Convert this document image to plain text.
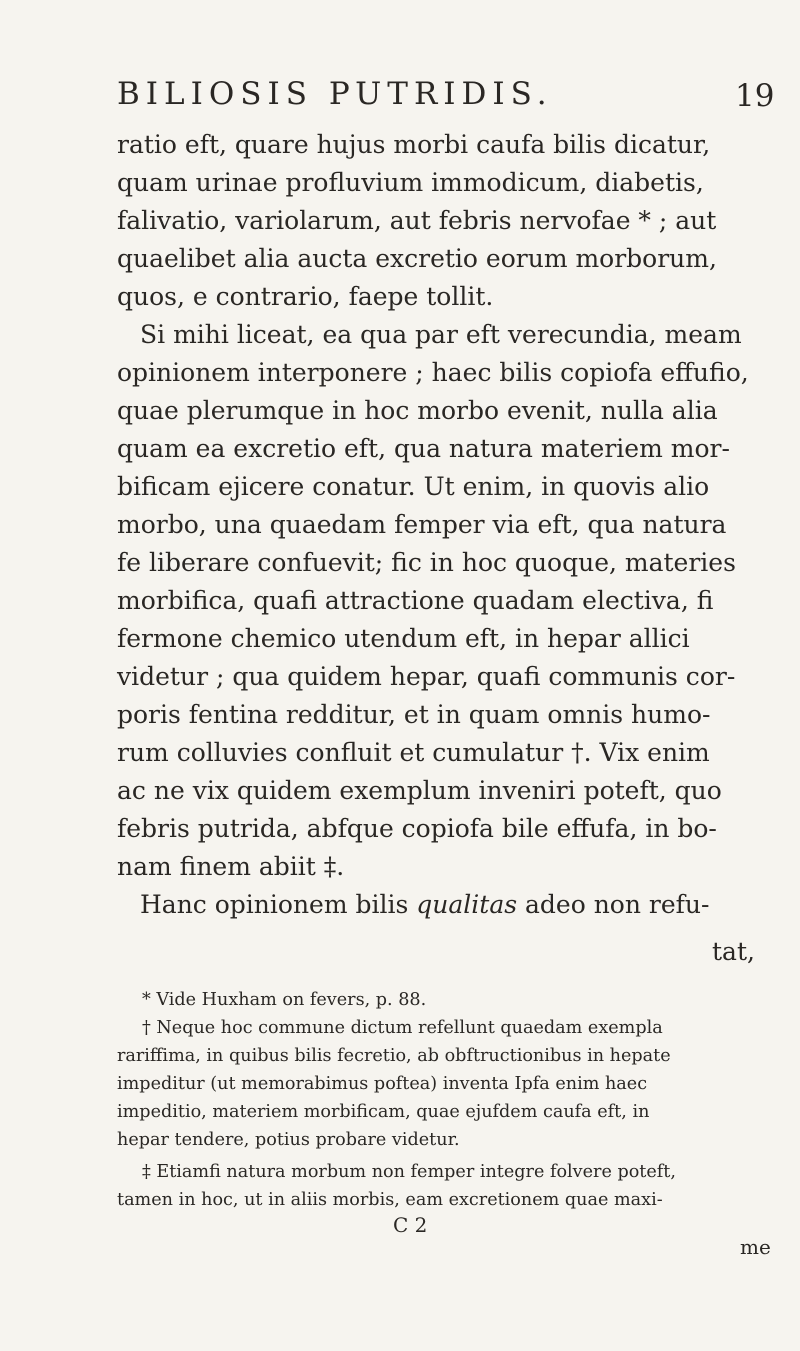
BILIOSIS PUTRIDIS.	19
ratio eft, quare hujus morbi caufa bilis dicatur,
quam urinae profluvium immodicum, diabetis,
falivatio, variolarum, aut febris nervofae * ; aut
quaelibet alia aucta excretio eorum morborum,
quos, e contrario, faepe tollit.
Si mihi liceat, ea qua par eft verecundia, meam
opinionem interponere ; haec bilis copiofa effufio,
quae plerumque in hoc morbo evenit, nulla alia
quam ea excretio eft, qua natura materiem mor-
bificam ejicere conatur. Ut enim, in quovis alio
morbo, una quaedam femper via eft, qua natura
fe liberare confuevit; fic in hoc quoque, materies
morbifica, quafi attractione quadam electiva, fi
fermone chemico utendum eft, in hepar allici
videtur ; qua quidem hepar, quafi communis cor-
poris fentina redditur, et in quam omnis humo-
rum colluvies confluit et cumulatur †. Vix enim
ac ne vix quidem exemplum inveniri poteft, quo
febris putrida, abfque copiofa bile effufa, in bo-
nam finem abiit ‡.
Hanc opinionem bilis qualitas adeo non refu-
tat,
* Vide Huxham on fevers, p. 88.
† Neque hoc commune dictum refellunt quaedam exempla
rariffima, in quibus bilis fecretio, ab obftructionibus in hepate
impeditur (ut memorabimus poftea) inventa Ipfa enim haec
impeditio, materiem morbificam, quae ejufdem caufa eft, in
hepar tendere, potius probare videtur.
‡ Etiamfi natura morbum non femper integre folvere poteft,
tamen in hoc, ut in aliis morbis, eam excretionem quae maxi-
C 2
me
